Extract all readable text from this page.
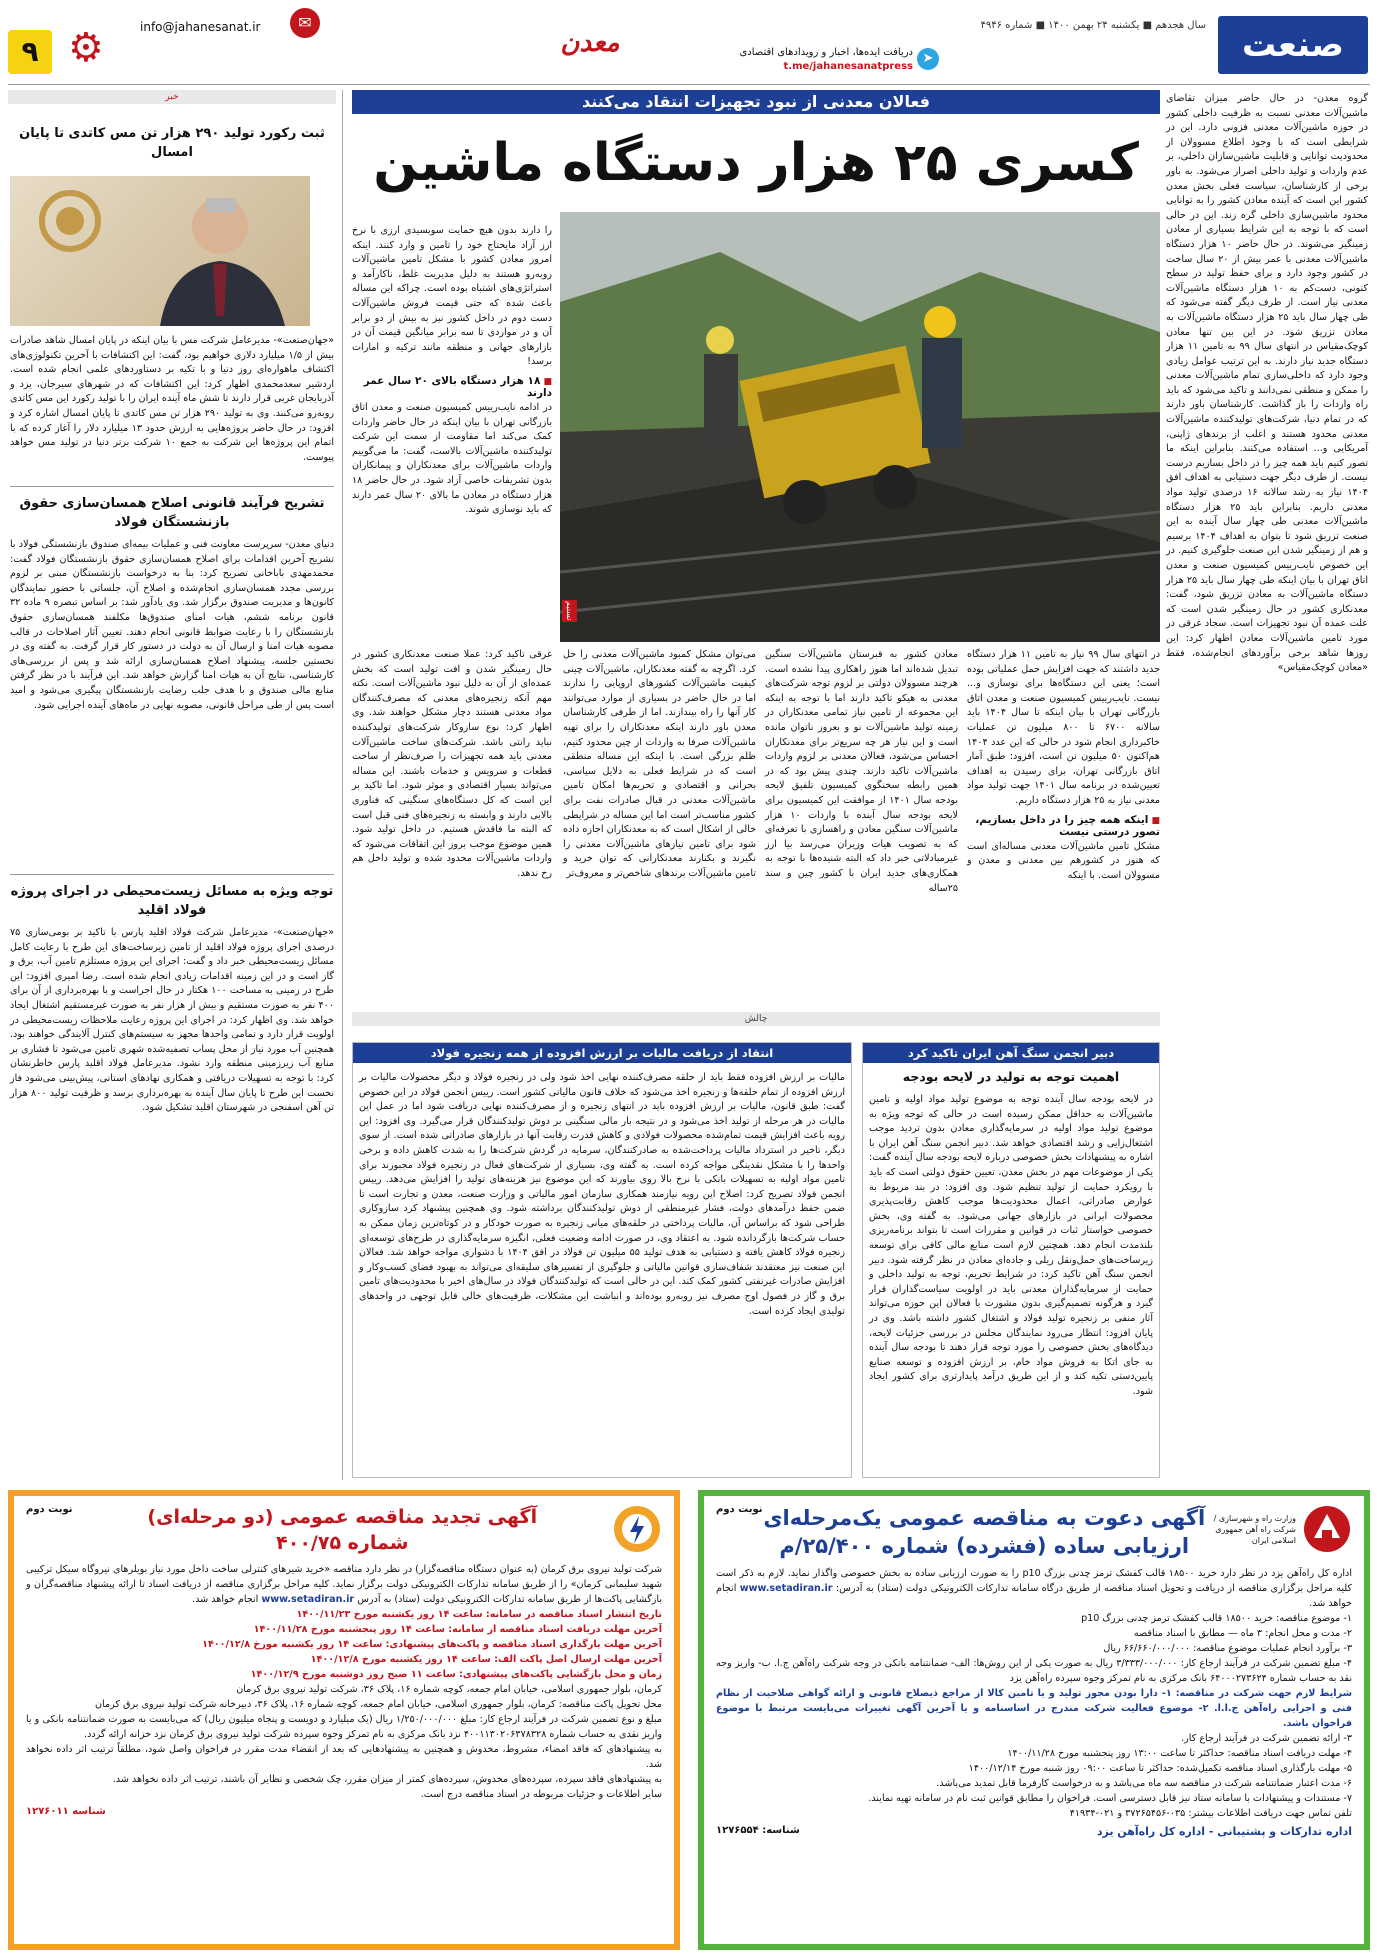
صنعت
سال هجدهم ■ یکشنبه ۲۴ بهمن ۱۴۰۰ ■ شماره ۴۹۴۶
➤
دریافت ایده‌ها، اخبار و رویدادهای اقتصادی
t.me/jahanesanatpress
معدن
✉
info@jahanesanat.ir
⚙
۹
فعالان معدنی از نبود تجهیزات انتقاد می‌کنند
کسری ۲۵ هزار دستگاه ماشین
تسنیم

گروه معدن- در حال حاضر میزان تقاضای ماشین‌آلات معدنی نسبت به ظرفیت داخلی کشور در حوزه ماشین‌آلات معدنی فزونی دارد. این در شرایطی است که با وجود اطلاع مسوولان از محدودیت توانایی و قابلیت ماشین‌سازان داخلی، بر عدم واردات و تولید داخلی اصرار می‌شود. به باور برخی از کارشناسان، سیاست فعلی بخش معدن کشور این است که آینده معادن کشور را به توانایی محدود ماشین‌سازی داخلی گره زند. این در حالی است که با توجه به این شرایط بسیاری از معادن زمینگیر می‌شوند. در حال حاضر ۱۰ هزار دستگاه ماشین‌آلات معدنی با عمر بیش از ۲۰ سال ساخت در کشور وجود دارد و برای حفظ تولید در سطح کنونی، دست‌کم به ۱۰ هزار دستگاه ماشین‌آلات معدنی نیاز است. از طرف دیگر گفته می‌شود که طی چهار سال باید ۲۵ هزار دستگاه ماشین‌آلات به معادن تزریق شود. در این بین تنها معادن کوچک‌مقیاس در انتهای سال ۹۹ به تامین ۱۱ هزار دستگاه جدید نیاز دارند. به این ترتیب عوامل زیادی وجود دارد که داخلی‌سازی تمام ماشین‌آلات معدنی را ممکن و منطقی نمی‌دانند و تاکید می‌شود که باید راه واردات را باز گذاشت. کارشناسان باور دارند که در تمام دنیا، شرکت‌های تولیدکننده ماشین‌آلات معدنی محدود هستند و اغلب از برندهای ژاپنی، آمریکایی و... استفاده می‌کنند. بنابراین اینکه ما تصور کنیم باید همه چیز را در داخل بسازیم درست نیست. از طرف دیگر جهت دستیابی به اهداف افق ۱۴۰۴ نیاز به رشد سالانه ۱۶ درصدی تولید مواد معدنی داریم. بنابراین باید ۲۵ هزار دستگاه ماشین‌آلات معدنی طی چهار سال آینده به این صنعت تزریق شود تا بتوان به اهداف ۱۴۰۴ برسیم و هم از زمینگیر شدن این صنعت جلوگیری کنیم. در این خصوص نایب‌رییس کمیسیون صنعت و معدن اتاق تهران با بیان اینکه طی چهار سال باید ۲۵ هزار دستگاه ماشین‌آلات به معادن تزریق شود، گفت: معدنکاری کشور در حال زمینگیر شدن است که علت عمده آن نبود تجهیزات است. سجاد غرقی در مورد تامین ماشین‌آلات معادن اظهار کرد: این روزها شاهد برخی برآوردهای انجام‌شده، فقط «معادن کوچک‌مقیاس»

را دارند بدون هیچ حمایت سوبسیدی ارزی با نرخ ارز آزاد مایحتاج خود را تامین و وارد کنند. اینکه امروز معادن کشور با مشکل تامین ماشین‌آلات روبه‌رو هستند به دلیل مدیریت غلط، ناکارآمد و استراتژی‌های اشتباه بوده است. چراکه این مساله باعث شده که حتی قیمت فروش ماشین‌آلات دست دوم در داخل کشور نیز به بیش از دو برابر آن و در مواردی تا سه برابر میانگین قیمت آن در بازارهای جهانی و منطقه مانند ترکیه و امارات برسد!

■ ۱۸ هزار دستگاه بالای ۲۰ سال عمر دارند

در ادامه نایب‌رییس کمیسیون صنعت و معدن اتاق بازرگانی تهران با بیان اینکه در حال حاضر واردات کمک می‌کند اما مقاومت از سمت این شرکت تولیدکننده ماشین‌آلات بالاست، گفت: ما می‌گوییم واردات ماشین‌آلات برای معدنکاران و پیمانکاران بدون تشریفات خاصی آزاد شود. در حال حاضر ۱۸ هزار دستگاه در معادن ما بالای ۲۰ سال عمر دارند که باید نوسازی شوند.

در انتهای سال ۹۹ نیاز به تامین ۱۱ هزار دستگاه جدید داشتند که جهت افزایش حمل عملیاتی بوده است؛ یعنی این دستگاه‌ها برای نوسازی و... نیست. نایب‌رییس کمیسیون صنعت و معدن اتاق بازرگانی تهران با بیان اینکه تا سال ۱۴۰۴ باید سالانه ۶۷۰۰ تا ۸۰۰ میلیون تن عملیات خاکبرداری انجام شود در حالی که این عدد ۱۴۰۴ هم‌اکنون ۵۰ میلیون تن است، افزود: طبق آمار اتاق بازرگانی تهران، برای رسیدن به اهداف تعیین‌شده در برنامه سال ۱۴۰۱ جهت تولید مواد معدنی نیاز به ۲۵ هزار دستگاه داریم.

■ اینکه همه چیز را در داخل بسازیم، تصور درستی نیست

مشکل تامین ماشین‌آلات معدنی مساله‌ای است که هنوز در کشورهم بین معدنی و معدن و مسوولان است. با اینکه

معادن کشور به قبرستان ماشین‌آلات سنگین تبدیل شده‌اند اما هنوز راهکاری پیدا نشده است. هرچند مسوولان دولتی بر لزوم توجه شرکت‌های معدنی به هیکو تاکید دارند اما با توجه به اینکه این مجموعه از تامین نیاز تمامی معدنکاران در زمینه تولید ماشین‌آلات نو و بعروز ناتوان مانده است و این نیاز هر چه سریع‌تر برای معدنکاران احساس می‌شود، فعالان معدنی بر لزوم واردات ماشین‌آلات تاکید دارند. چندی پیش بود که در همین رابطه سخنگوی کمیسیون تلفیق لایحه بودجه سال ۱۴۰۱ از موافقت این کمیسیون برای لایحه بودجه سال آینده با واردات ۱۰ هزار ماشین‌آلات سنگین معادن و راهسازی با تعرفه‌ای که به تصویب هیات وزیران می‌رسد بیا ارز غیرمبادلاتی خبر داد که البته شنیده‌ها با توجه به همکاری‌های جدید ایران با کشور چین و سند ۲۵ساله

می‌توان مشکل کمبود ماشین‌آلات معدنی را حل کرد. اگرچه به گفته معدنکاران، ماشین‌آلات چینی کیفیت ماشین‌آلات کشورهای اروپایی را ندارند اما در حال حاضر در بسیاری از موارد می‌توانند کار آنها را راه بیندازند. اما از طرفی کارشناسان معدن باور دارند اینکه معدنکاران را برای تهیه ماشین‌آلات صرفا به واردات از چین محدود کنیم، ظلم بزرگی است. با اینکه این مساله منطقی است که در شرایط فعلی به دلایل سیاسی، بحرانی و اقتصادی و تحریم‌ها امکان تامین ماشین‌آلات معدنی در قبال صادرات نفت برای کشور مناسب‌تر است اما این مساله در شرایطی خالی از اشکال است که به معدنکاران اجازه داده شود برای تامین نیازهای ماشین‌آلات معدنی را نگیرند و بکنارند معدنکارانی که توان خرید و تامین ماشین‌آلات برندهای شاخص‌تر و معروف‌تر

غرقی تاکید کرد: عملا صنعت معدنکاری کشور در حال زمینگیر شدن و افت تولید است که بخش عمده‌ای از آن به دلیل نبود ماشین‌آلات است. نکته مهم آنکه زنجیره‌های معدنی که مصرف‌کنندگان مواد معدنی هستند دچار مشکل خواهند شد. وی اظهار کرد: نوع سازوکار شرکت‌های تولیدکننده نباید رانتی باشد. شرکت‌های ساخت ماشین‌آلات معدنی باید همه تجهیزات را صرف‌نظر از ساخت قطعات و سرویس و خدمات باشند. این مساله می‌تواند بسیار اقتصادی و موثر شود. اما تاکید بر این است که کل دستگاه‌های سنگینی که فناوری بالایی دارند و وابسته به زنجیره‌های فنی قبل است که البته ما فاقدش هستیم. در داخل تولید شود. همین موضوع موجب بروز این اتفاقات می‌شود که واردات ماشین‌آلات محدود شده و تولید داخل هم رخ ندهد.

خبر
ثبت رکورد تولید ۲۹۰ هزار تن مس کاتدی تا پایان امسال

«جهان‌صنعت»- مدیرعامل شرکت مس با بیان اینکه در پایان امسال شاهد صادرات بیش از ۱/۵ میلیارد دلاری خواهیم بود، گفت: این اکتشافات با آخرین تکنولوژی‌های اکتشاف ماهواره‌ای روز دنیا و با تکیه بر دستاوردهای علمی انجام شده است. اردشیر سعدمحمدی اظهار کرد: این اکتشافات که در شهرهای سیرجان، یزد و آذربایجان غربی قرار دارند تا شش ماه آینده ایران را با تولید رکورد این مس کاتدی روبه‌رو می‌کنند. وی به تولید ۲۹۰ هزار تن مس کاتدی تا پایان امسال اشاره کرد و افزود: در حال حاضر پروژه‌هایی به ارزش حدود ۱۳ میلیارد دلار را آغاز کرده که با اتمام این پروژه‌ها این شرکت به جمع ۱۰ شرکت برتر دنیا در تولید مس خواهد پیوست.

تشریح فرآیند قانونی اصلاح همسان‌سازی حقوق بازنشستگان فولاد

دنیای معدن- سرپرست معاونت فنی و عملیات بیمه‌ای صندوق بازنشستگی فولاد با تشریح آخرین اقدامات برای اصلاح همسان‌سازی حقوق بازنشستگان فولاد گفت: محمدمهدی باباخانی تصریح کرد: بنا به درخواست بازنشستگان مبنی بر لزوم بررسی مجدد همسان‌سازی انجام‌شده و اصلاح آن، جلساتی با حضور نمایندگان کانون‌ها و مدیریت صندوق برگزار شد. وی یادآور شد: بر اساس تبصره ۹ ماده ۳۲ قانون برنامه ششم، هیات امنای صندوق‌ها مکلفند همسان‌سازی حقوق بازنشستگان را با رعایت ضوابط قانونی انجام دهند. تعیین آثار اصلاحات در قالب مصوبه هیات امنا و ارسال آن به دولت در دستور کار قرار گرفت. به گفته وی در نخستین جلسه، پیشنهاد اصلاح همسان‌سازی ارائه شد و پس از بررسی‌های کارشناسی، نتایج آن به هیات امنا گزارش خواهد شد. این فرآیند با در نظر گرفتن منابع مالی صندوق و با هدف جلب رضایت بازنشستگان پیگیری می‌شود و امید است پس از طی مراحل قانونی، مصوبه نهایی در ماه‌های آینده اجرایی شود.

توجه ویژه به مسائل زیست‌محیطی در اجرای پروژه فولاد اقلید

«جهان‌صنعت»- مدیرعامل شرکت فولاد اقلید پارس با تاکید بر بومی‌سازی ۷۵ درصدی اجرای پروژه فولاد اقلید از تامین زیرساخت‌های این طرح با رعایت کامل مسائل زیست‌محیطی خبر داد و گفت: اجرای این پروژه مستلزم تامین آب، برق و گاز است و در این زمینه اقدامات زیادی انجام شده است. رضا امیری افزود: این طرح در زمینی به مساحت ۱۰۰ هکتار در حال اجراست و با بهره‌برداری از آن برای ۴۰۰ نفر به صورت مستقیم و بیش از هزار نفر به صورت غیرمستقیم اشتغال ایجاد خواهد شد. وی اظهار کرد: در اجرای این پروژه رعایت ملاحظات زیست‌محیطی در اولویت قرار دارد و تمامی واحدها مجهز به سیستم‌های کنترل آلایندگی خواهند بود. همچنین آب مورد نیاز از محل پساب تصفیه‌شده شهری تامین می‌شود تا فشاری بر منابع آب زیرزمینی منطقه وارد نشود. مدیرعامل فولاد اقلید پارس خاطرنشان کرد: با توجه به تسهیلات دریافتی و همکاری نهادهای استانی، پیش‌بینی می‌شود فاز نخست این طرح تا پایان سال آینده به بهره‌برداری برسد و ظرفیت تولید ۸۰۰ هزار تن آهن اسفنجی در شهرستان اقلید تشکیل شود.

چالش
دبیر انجمن سنگ آهن ایران تاکید کرد
اهمیت توجه به تولید در لایحه بودجه

در لایحه بودجه سال آینده توجه به موضوع تولید مواد اولیه و تامین ماشین‌آلات به حداقل ممکن رسیده است در حالی که توجه ویژه به موضوع تولید مواد اولیه در سرمایه‌گذاری معادن بدون تردید موجب اشتغال‌زایی و رشد اقتصادی خواهد شد. دبیر انجمن سنگ آهن ایران با اشاره به پیشنهادات بخش خصوصی درباره لایحه بودجه سال آینده گفت: یکی از موضوعات مهم در بخش معدن، تعیین حقوق دولتی است که باید با رویکرد حمایت از تولید تنظیم شود. وی افزود: در بند مربوط به عوارض صادراتی، اعمال محدودیت‌ها موجب کاهش رقابت‌پذیری محصولات ایرانی در بازارهای جهانی می‌شود. به گفته وی، بخش خصوصی خواستار ثبات در قوانین و مقررات است تا بتواند برنامه‌ریزی بلندمدت انجام دهد. همچنین لازم است منابع مالی کافی برای توسعه زیرساخت‌های حمل‌ونقل ریلی و جاده‌ای معادن در نظر گرفته شود. دبیر انجمن سنگ آهن تاکید کرد: در شرایط تحریم، توجه به تولید داخلی و حمایت از سرمایه‌گذاران معدنی باید در اولویت سیاست‌گذاران قرار گیرد و هرگونه تصمیم‌گیری بدون مشورت با فعالان این حوزه می‌تواند آثار منفی بر زنجیره تولید فولاد و اشتغال کشور داشته باشد. وی در پایان افزود: انتظار می‌رود نمایندگان مجلس در بررسی جزئیات لایحه، دیدگاه‌های بخش خصوصی را مورد توجه قرار دهند تا بودجه سال آینده به جای اتکا به فروش مواد خام، بر ارزش افزوده و توسعه صنایع پایین‌دستی تکیه کند و از این طریق درآمد پایدارتری برای کشور ایجاد شود.

انتقاد از دریافت مالیات بر ارزش افزوده از همه زنجیره فولاد

مالیات بر ارزش افزوده فقط باید از حلقه مصرف‌کننده نهایی اخذ شود ولی در زنجیره فولاد و دیگر محصولات مالیات بر ارزش افزوده از تمام حلقه‌ها و زنجیره اخذ می‌شود که خلاف قانون مالیاتی کشور است. رییس انجمن فولاد در این خصوص گفت: طبق قانون، مالیات بر ارزش افزوده باید در انتهای زنجیره و از مصرف‌کننده نهایی دریافت شود اما در عمل این مالیات در هر مرحله از تولید اخذ می‌شود و در نتیجه بار مالی سنگینی بر دوش تولیدکنندگان قرار می‌گیرد. وی افزود: این رویه باعث افزایش قیمت تمام‌شده محصولات فولادی و کاهش قدرت رقابت آنها در بازارهای صادراتی شده است. از سوی دیگر، تاخیر در استرداد مالیات پرداخت‌شده به صادرکنندگان، سرمایه در گردش شرکت‌ها را به شدت کاهش داده و برخی واحدها را با مشکل نقدینگی مواجه کرده است. به گفته وی، بسیاری از شرکت‌های فعال در زنجیره فولاد مجبورند برای تامین مواد اولیه به تسهیلات بانکی با نرخ بالا روی بیاورند که این موضوع نیز هزینه‌های تولید را افزایش می‌دهد. رییس انجمن فولاد تصریح کرد: اصلاح این رویه نیازمند همکاری سازمان امور مالیاتی و وزارت صنعت، معدن و تجارت است تا ضمن حفظ درآمدهای دولت، فشار غیرمنطقی از دوش تولیدکنندگان برداشته شود. وی همچنین پیشنهاد کرد سازوکاری طراحی شود که براساس آن، مالیات پرداختی در حلقه‌های میانی زنجیره به صورت خودکار و در کوتاه‌ترین زمان ممکن به حساب شرکت‌ها بازگردانده شود. به اعتقاد وی، در صورت ادامه وضعیت فعلی، انگیزه سرمایه‌گذاری در طرح‌های توسعه‌ای زنجیره فولاد کاهش یافته و دستیابی به هدف تولید ۵۵ میلیون تن فولاد در افق ۱۴۰۴ با دشواری مواجه خواهد شد. فعالان این صنعت نیز معتقدند شفاف‌سازی قوانین مالیاتی و جلوگیری از تفسیرهای سلیقه‌ای می‌تواند به بهبود فضای کسب‌وکار و افزایش صادرات غیرنفتی کشور کمک کند. این در حالی است که تولیدکنندگان فولاد در سال‌های اخیر با محدودیت‌های تامین برق و گاز در فصول اوج مصرف نیز روبه‌رو بوده‌اند و انباشت این مشکلات، ظرفیت‌های خالی قابل توجهی در واحدهای تولیدی ایجاد کرده است.

وزارت راه و شهرسازی / شرکت راه آهن جمهوری اسلامی ایران
آگهی دعوت به مناقصه عمومی یک‌مرحله‌ای
ارزیابی ساده (فشرده) شماره ۲۵/۴۰۰/م
نوبت دوم
اداره کل راه‌آهن یزد در نظر دارد خرید ۱۸۵۰۰ قالب کفشک ترمز چدنی بزرگ p10 را به صورت ارزیابی ساده به بخش خصوصی واگذار نماید. لازم به ذکر است کلیه مراحل برگزاری مناقصه از دریافت و تحویل اسناد مناقصه از طریق درگاه سامانه تدارکات الکترونیکی دولت (ستاد) به آدرس: www.setadiran.ir انجام خواهد شد.
۱- موضوع مناقصه: خرید ۱۸۵۰۰ قالب کفشک ترمز چدنی بزرگ p10
۲- مدت و محل انجام: ۳ ماه — مطابق با اسناد مناقصه
۳- برآورد انجام عملیات موضوع مناقصه: ۶۶/۶۶۰/۰۰۰/۰۰۰ ریال
۴- مبلغ تضمین شرکت در فرآیند ارجاع کار: ۳/۳۳۳/۰۰۰/۰۰۰ ریال به صورت یکی از این روش‌ها: الف- ضمانتنامه بانکی در وجه شرکت راه‌آهن ج.ا. ب- واریز وجه نقد به حساب شماره ۶۴۰۰۰۲۷۳۶۲۴ بانک مرکزی به نام تمرکز وجوه سپرده راه‌آهن یزد
شرایط لازم جهت شرکت در مناقصه: ۱- دارا بودن مجوز تولید و یا تامین کالا از مراجع ذیصلاح قانونی و ارائه گواهی صلاحیت از نظام فنی و اجرایی راه‌آهن ج.ا.ا. ۲- موضوع فعالیت شرکت مندرج در اساسنامه و یا آخرین آگهی تغییرات می‌بایست مرتبط با موضوع فراخوان باشد.
۳- ارائه تضمین شرکت در فرآیند ارجاع کار.
۴- مهلت دریافت اسناد مناقصه: حداکثر تا ساعت ۱۳:۰۰ روز پنجشنبه مورخ ۱۴۰۰/۱۱/۲۸
۵- مهلت بارگذاری اسناد مناقصه تکمیل‌شده: حداکثر تا ساعت ۰۹:۰۰ روز شنبه مورخ ۱۴۰۰/۱۲/۱۴
۶- مدت اعتبار ضمانتنامه شرکت در مناقصه سه ماه می‌باشد و به درخواست کارفرما قابل تمدید می‌باشد.
۷- مستندات و پیشنهادات با سامانه ستاد نیز قابل دسترسی است. فراخوان را مطابق قوانین ثبت نام در سامانه تهیه نمایند.
تلفن تماس جهت دریافت اطلاعات بیشتر: ۰۳۵-۳۷۲۶۵۴۵۶ و ۰۲۱-۴۱۹۳۴
اداره تدارکات و پشتیبانی - اداره کل راه‌آهن یزد
شناسه: ۱۲۷۶۵۵۴
آگهی تجدید مناقصه عمومی (دو مرحله‌ای)
شماره ۴۰۰/۷۵
نوبت دوم
شرکت تولید نیروی برق کرمان (به عنوان دستگاه مناقصه‌گزار) در نظر دارد مناقصه «خرید شیرهای کنترلی ساخت داخل مورد نیاز بویلرهای نیروگاه سیکل ترکیبی شهید سلیمانی کرمان» را از طریق سامانه تدارکات الکترونیکی دولت برگزار نماید. کلیه مراحل برگزاری مناقصه از دریافت اسناد تا ارائه پیشنهاد مناقصه‌گران و بازگشایی پاکت‌ها از طریق سامانه تدارکات الکترونیکی دولت (ستاد) به آدرس www.setadiran.ir انجام خواهد شد.
تاریخ انتشار اسناد مناقصه در سامانه: ساعت ۱۴ روز یکشنبه مورخ ۱۴۰۰/۱۱/۲۳
آخرین مهلت دریافت اسناد مناقصه از سامانه: ساعت ۱۴ روز پنجشنبه مورخ ۱۴۰۰/۱۱/۲۸
آخرین مهلت بارگذاری اسناد مناقصه و پاکت‌های پیشنهادی: ساعت ۱۴ روز یکشنبه مورخ ۱۴۰۰/۱۲/۸
آخرین مهلت ارسال اصل پاکت الف: ساعت ۱۴ روز یکشنبه مورخ ۱۴۰۰/۱۲/۸
زمان و محل بازگشایی پاکت‌های پیشنهادی: ساعت ۱۱ صبح روز دوشنبه مورخ ۱۴۰۰/۱۲/۹
کرمان، بلوار جمهوری اسلامی، خیابان امام جمعه، کوچه شماره ۱۶، پلاک ۳۶، شرکت تولید نیروی برق کرمان
محل تحویل پاکت مناقصه: کرمان، بلوار جمهوری اسلامی، خیابان امام جمعه، کوچه شماره ۱۶، پلاک ۳۶، دبیرخانه شرکت تولید نیروی برق کرمان
مبلغ و نوع تضمین شرکت در فرآیند ارجاع کار: مبلغ ۱/۲۵۰/۰۰۰/۰۰۰ ریال (یک میلیارد و دویست و پنجاه میلیون ریال) که می‌بایست به صورت ضمانتنامه بانکی و یا واریز نقدی به حساب شماره ۴۰۰۱۱۳۰۲۰۶۳۷۸۳۲۸ نزد بانک مرکزی به نام تمرکز وجوه سپرده شرکت تولید نیروی برق کرمان نزد خزانه ارائه گردد.
به پیشنهادهای که فاقد امضاء، مشروط، مخدوش و همچنین به پیشنهادهایی که بعد از انقضاء مدت مقرر در فراخوان واصل شود، مطلقاً ترتیب اثر داده نخواهد شد.
به پیشنهادهای فاقد سپرده، سپرده‌های مخدوش، سپرده‌های کمتر از میزان مقرر، چک شخصی و نظایر آن باشند، ترتیب اثر داده نخواهد شد.
سایر اطلاعات و جزئیات مربوطه در اسناد مناقصه درج است.
شناسه ۱۲۷۶۰۱۱
